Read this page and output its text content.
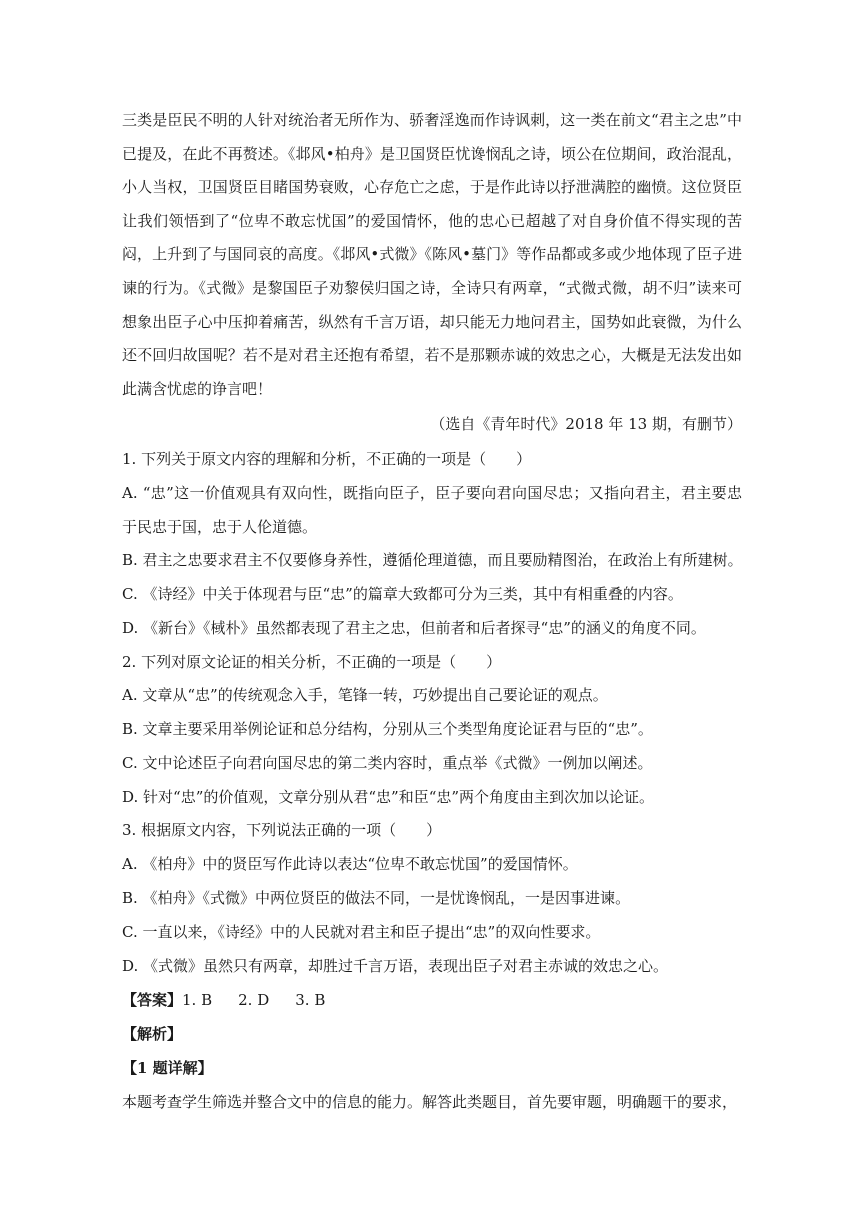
三类是臣民不明的人针对统治者无所作为、骄奢淫逸而作诗讽刺，这一类在前文“君主之忠”中已提及，在此不再赘述。《邶风•柏舟》是卫国贤臣忧谗悯乱之诗，顷公在位期间，政治混乱，小人当权，卫国贤臣目睹国势衰败，心存危亡之虑，于是作此诗以抒泄满腔的幽愤。这位贤臣让我们领悟到了“位卑不敢忘忧国”的爱国情怀，他的忠心已超越了对自身价值不得实现的苦闷，上升到了与国同哀的高度。《邶风•式微》《陈风•墓门》等作品都或多或少地体现了臣子进谏的行为。《式微》是黎国臣子劝黎侯归国之诗，全诗只有两章，“式微式微，胡不归”读来可想象出臣子心中压抑着痛苦，纵然有千言万语，却只能无力地问君主，国势如此衰微，为什么还不回归故国呢？若不是对君主还抱有希望，若不是那颗赤诚的效忠之心，大概是无法发出如此满含忧虑的诤言吧！

（选自《青年时代》2018 年 13 期，有删节）

1. 下列关于原文内容的理解和分析，不正确的一项是（　　）

A. “忠”这一价值观具有双向性，既指向臣子，臣子要向君向国尽忠；又指向君主，君主要忠于民忠于国，忠于人伦道德。

B. 君主之忠要求君主不仅要修身养性，遵循伦理道德，而且要励精图治，在政治上有所建树。

C. 《诗经》中关于体现君与臣“忠”的篇章大致都可分为三类，其中有相重叠的内容。

D. 《新台》《棫朴》虽然都表现了君主之忠，但前者和后者探寻“忠”的涵义的角度不同。

2. 下列对原文论证的相关分析，不正确的一项是（　　）

A. 文章从“忠”的传统观念入手，笔锋一转，巧妙提出自己要论证的观点。

B. 文章主要采用举例论证和总分结构，分别从三个类型角度论证君与臣的“忠”。

C. 文中论述臣子向君向国尽忠的第二类内容时，重点举《式微》一例加以阐述。

D. 针对“忠”的价值观，文章分别从君“忠”和臣“忠”两个角度由主到次加以论证。

3. 根据原文内容，下列说法正确的一项（　　）

A. 《柏舟》中的贤臣写作此诗以表达“位卑不敢忘忧国”的爱国情怀。

B. 《柏舟》《式微》中两位贤臣的做法不同，一是忧谗悯乱，一是因事进谏。

C. 一直以来，《诗经》中的人民就对君主和臣子提出“忠”的双向性要求。

D. 《式微》虽然只有两章，却胜过千言万语，表现出臣子对君主赤诚的效忠之心。

【答案】1. B 2. D 3. B

【解析】

【1 题详解】

本题考查学生筛选并整合文中的信息的能力。解答此类题目，首先要审题，明确题干的要求，
